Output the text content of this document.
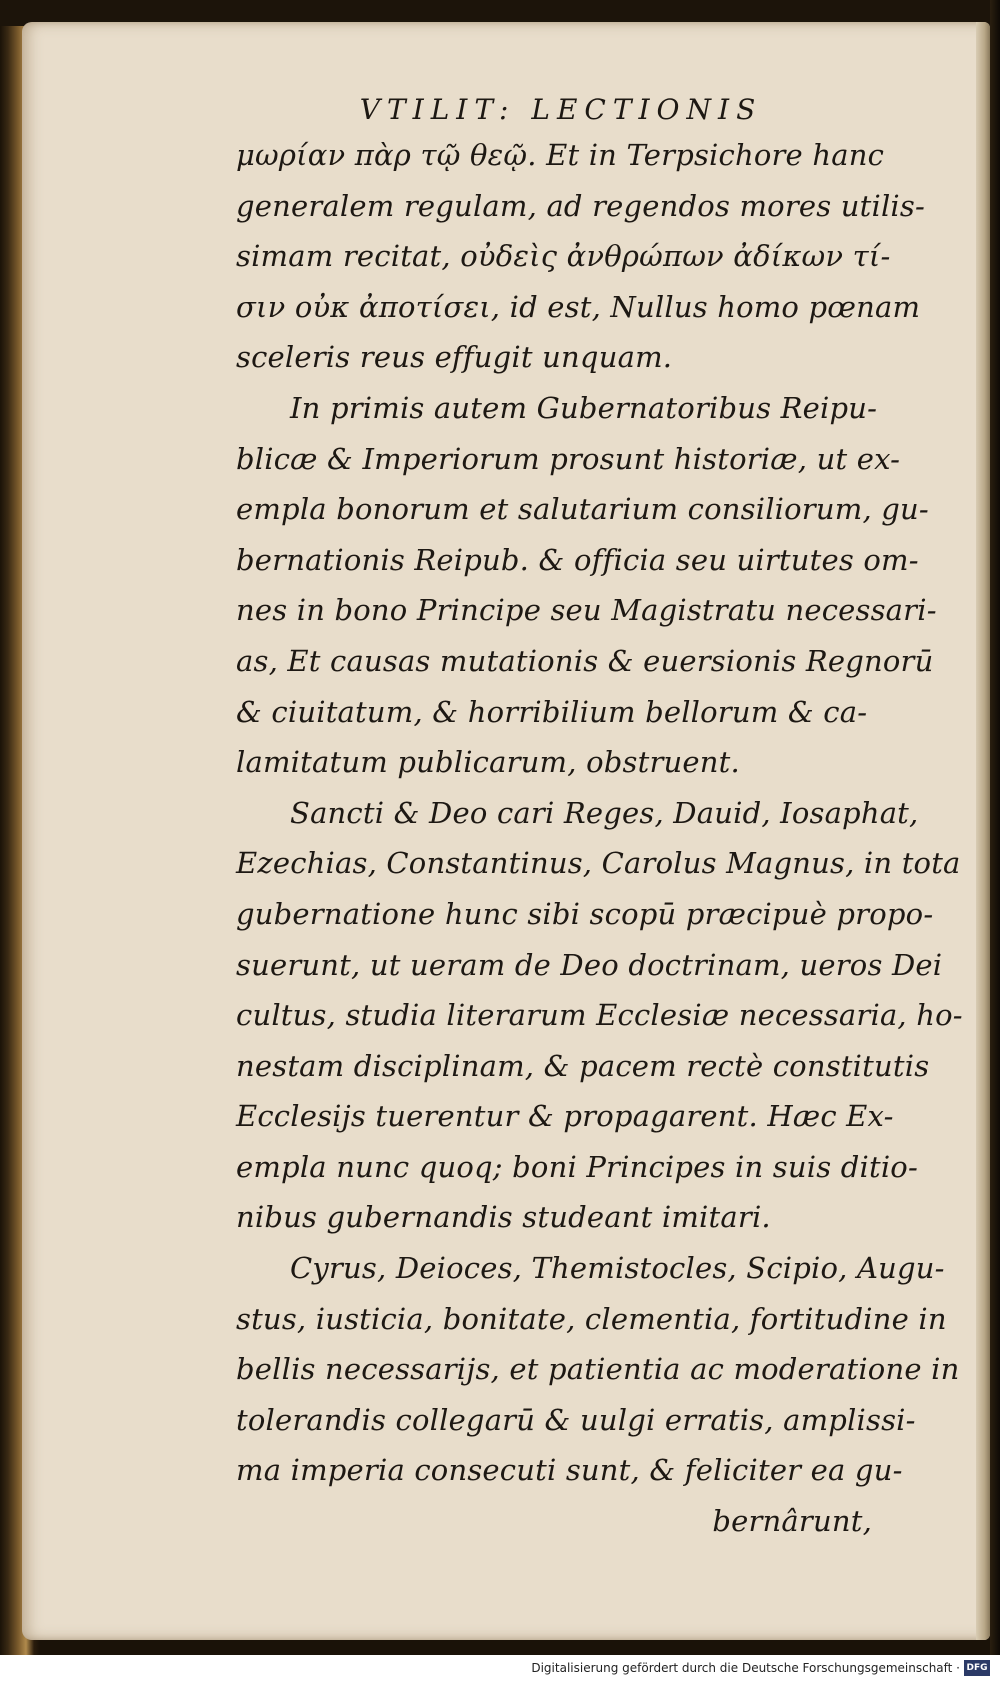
VTILIT: LECTIONIS
μωρίαν πὰρ τῷ θεῷ. Et in Terpsichore hanc
generalem regulam, ad regendos mores utilis-
simam recitat, οὐδεὶς ἀνθρώπων ἀδίκων τί-
σιν οὐκ ἀποτίσει, id est, Nullus homo pœnam
sceleris reus effugit unquam.
In primis autem Gubernatoribus Reipu-
blicæ & Imperiorum prosunt historiæ, ut ex-
empla bonorum et salutarium consiliorum, gu-
bernationis Reipub. & officia seu uirtutes om-
nes in bono Principe seu Magistratu necessari-
as, Et causas mutationis & euersionis Regnorū
& ciuitatum, & horribilium bellorum & ca-
lamitatum publicarum, obstruent.
Sancti & Deo cari Reges, Dauid, Iosaphat,
Ezechias, Constantinus, Carolus Magnus, in tota
gubernatione hunc sibi scopū præcipuè propo-
suerunt, ut ueram de Deo doctrinam, ueros Dei
cultus, studia literarum Ecclesiæ necessaria, ho-
nestam disciplinam, & pacem rectè constitutis
Ecclesijs tuerentur & propagarent. Hæc Ex-
empla nunc quoq; boni Principes in suis ditio-
nibus gubernandis studeant imitari.
Cyrus, Deioces, Themistocles, Scipio, Augu-
stus, iusticia, bonitate, clementia, fortitudine in
bellis necessarijs, et patientia ac moderatione in
tolerandis collegarū & uulgi erratis, amplissi-
ma imperia consecuti sunt, & feliciter ea gu-
bernârunt,
Digitalisierung gefördert durch die Deutsche Forschungsgemeinschaft · DFG
